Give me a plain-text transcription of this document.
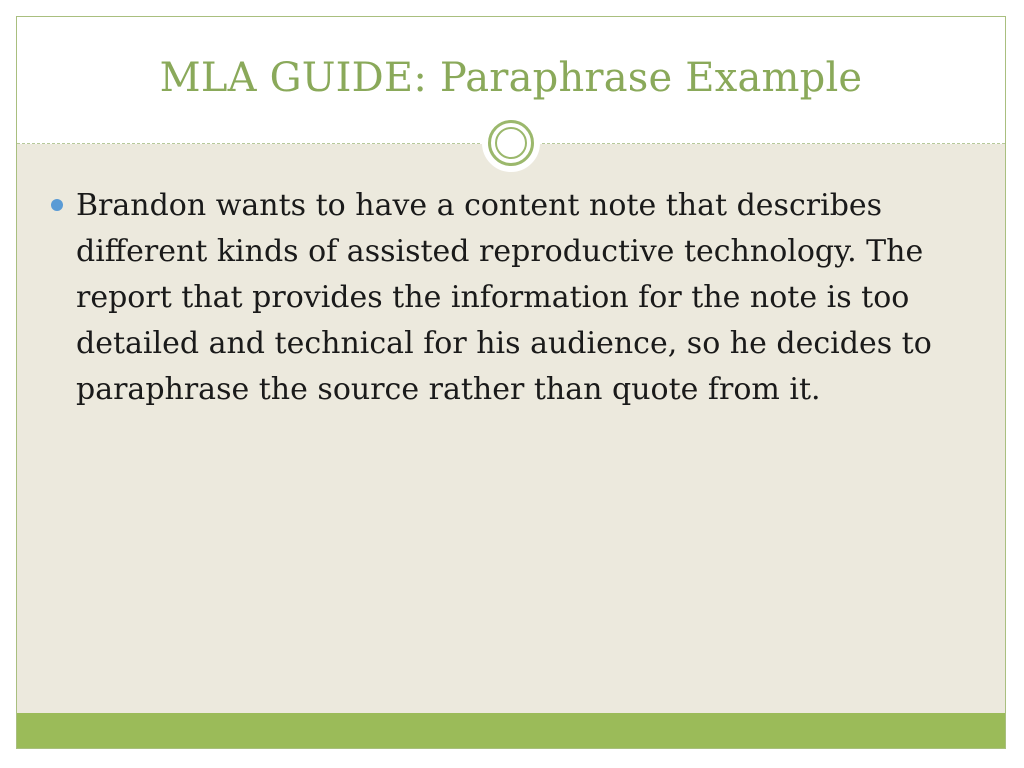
MLA GUIDE: Paraphrase Example
Brandon wants to have a content note that describes different kinds of assisted reproductive technology. The report that provides the information for the note is too detailed and technical for his audience, so he decides to paraphrase the source rather than quote from it.
